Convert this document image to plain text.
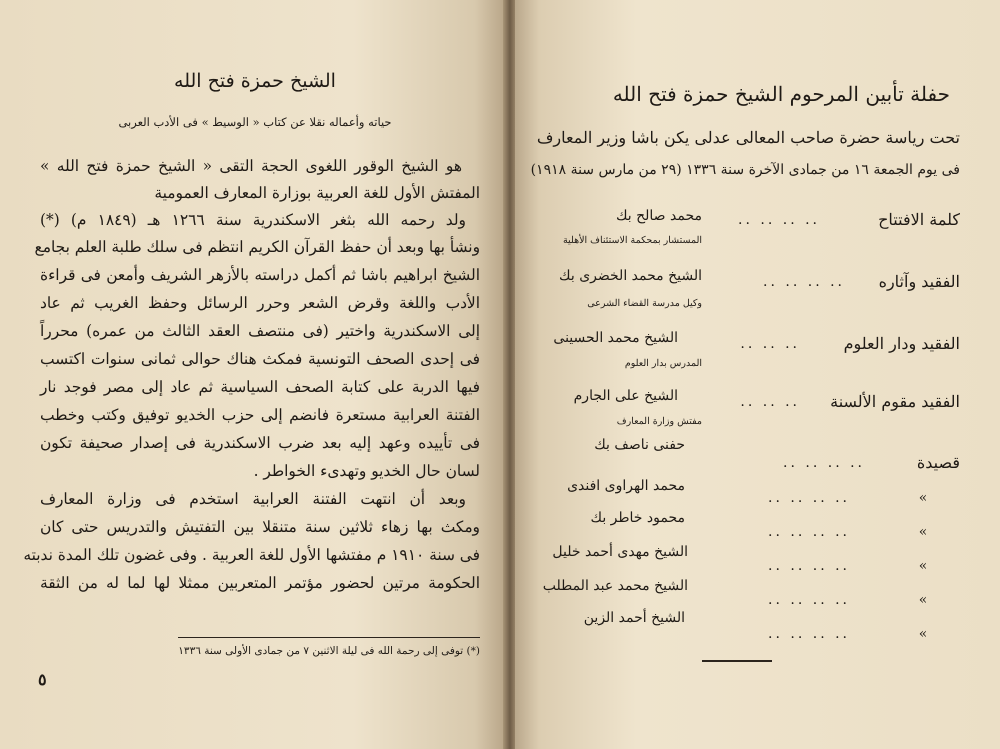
الشيخ حمزة فتح الله
حياته وأعماله نقلا عن كتاب « الوسيط » فى الأدب العربى
هو الشيخ الوقور اللغوى الحجة التقى « الشيخ حمزة فتح الله »
المفتش الأول للغة العربية بوزارة المعارف العمومية
ولد رحمه الله بثغر الاسكندرية سنة ١٢٦٦ هـ (١٨٤٩ م) (*)
ونشأ بها وبعد أن حفظ القرآن الكريم انتظم فى سلك طلبة العلم بجامع
الشيخ ابراهيم باشا ثم أكمل دراسته بالأزهر الشريف وأمعن فى قراءة
الأدب واللغة وقرض الشعر وحرر الرسائل وحفظ الغريب ثم عاد
إلى الاسكندرية واختير (فى منتصف العقد الثالث من عمره) محرراً
فى إحدى الصحف التونسية فمكث هناك حوالى ثمانى سنوات اكتسب
فيها الدربة على كتابة الصحف السياسية ثم عاد إلى مصر فوجد نار
الفتنة العرابية مستعرة فانضم إلى حزب الخديو توفيق وكتب وخطب
فى تأييده وعهد إليه بعد ضرب الاسكندرية فى إصدار صحيفة تكون
لسان حال الخديو وتهدىء الخواطر .
وبعد أن انتهت الفتنة العرابية استخدم فى وزارة المعارف
ومكث بها زهاء ثلاثين سنة متنقلا بين التفتيش والتدريس حتى كان
فى سنة ١٩١٠ م مفتشها الأول للغة العربية . وفى غضون تلك المدة ندبته
الحكومة مرتين لحضور مؤتمر المتعربين ممثلا لها لما له من الثقة
(*) توفى إلى رحمة الله فى ليلة الاثنين ٧ من جمادى الأولى سنة ١٣٣٦
٥
حفلة تأبين المرحوم الشيخ حمزة فتح الله
تحت رياسة حضرة صاحب المعالى عدلى يكن باشا وزير المعارف
فى يوم الجمعة ١٦ من جمادى الآخرة سنة ١٣٣٦ (٢٩ من مارس سنة ١٩١٨)
كلمة الافتتاح
.. .. .. ..
محمد صالح بك
المستشار بمحكمة الاستئناف الأهلية
الفقيد وآثاره
.. .. .. ..
الشيخ محمد الخضرى بك
وكيل مدرسة القضاء الشرعى
الفقيد ودار العلوم
.. .. ..
الشيخ محمد الحسينى
المدرس بدار العلوم
الفقيد مقوم الألسنة
.. .. ..
الشيخ على الجارم
مفتش وزارة المعارف
قصيدة
.. .. .. ..
حفنى ناصف بك
«
.. .. .. ..
محمد الهراوى افندى
«
.. .. .. ..
محمود خاطر بك
«
.. .. .. ..
الشيخ مهدى أحمد خليل
«
.. .. .. ..
الشيخ محمد عبد المطلب
«
.. .. .. ..
الشيخ أحمد الزين
